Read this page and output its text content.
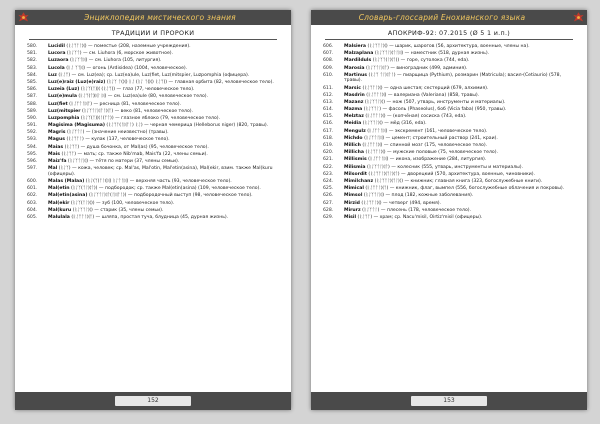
Энциклопедия мистического знания
ТРАДИЦИИ И ПРОРОКИ
580. Lucidil (ᚱᛇᛉᛏᛚᛞ) — поместье (208, наземные учреждения).
581. Lucora (ᚱᛇᛉᛏ) — см. Liuhora (6, морское животное).
582. Luzaora (ᚱᛇᛉᛏᛞ) — см. Liuhora (105, литургия).
583. Lucola (ᚱᛇ ᛉᛏᛞ) — огонь (Ardisidea) (1004, человеческое).
584. Luz (ᚱᛇᛉ) — см. Luz(ea); ср. Luz(ea)ule, Luz(fiet, Luz(mitspier, Luzpomphia (офицера).
585. Luz(e)raiz (Luz(e)raiz) (ᚱᛇᛉ ᛏ(ᛞ) ᚱᛇ (ᚱᛇ ᛏ(ᛞ) ᚱᛇᛉ)) — главная орбита (82, человеческое тело).
586. Luzeia (Luz) (ᚱᛇᛉ(ᛏ)ᛞ (ᚱᛇᛉ)) — глаз (77, человеческое тело).
587. Luz(e)mula (ᚱᛇᛉ(ᛏ)ᛞᛚ ᛞ) — см. Luz(ea)ule (80, человеческое тело).
588. Luz(fiet (ᚱᛇᛉᛏᛚᛞᛏ) — ресница (81, человеческое тело).
589. Luz(mitspier (ᚱᛇᛉᛏᛚᛞᛏᛚᛞᛏ) — веко (81, человеческое тело).
590. Luzpomphia (ᚱᛇᛉ(ᛏ)ᛞᛚ(ᛉᛏ)) — глазное яблоко (79, человеческое тело).
591. Magisima (Magisuma) (ᚱᛇᛉᛏ(ᛚᛞᛏᛚ) ᚱᛇ) — черная чемерица (Helleborus niger) (820, травы).
592. Magris (ᚱᛇᛉᛏᛚ) — (значение неизвестно) (травы).
593. Magus (ᚱᛇᛉᛏᛚ) — кулак (137, человеческое тело).
594. Maias (ᚱᛇᛉᛏ) — душа бочонка, от Mal(as) (95, человеческое тело).
595. Mais (ᚱᛇᛉᛏ) — мать; ср. также Nib'mab, Mais'fa (22, члены семьи).
596. Maiz'fa (ᚱᛇᛉᛏᛚᛞ) — тётя по матери (37, члены семьи).
597. Mal (ᚱᛇᛉ) — кожа, человек; ср. Mal'as, Mal'otin, Mal'etin(asina), Mal(ekir, взим. также Mal(kuru (офицеры).
600. Malas (Malaa) (ᚱᛇ(ᛉ)ᛏᛚ(ᛞ) ᚱᛇᛏᛚᛞ) — верхняя часть (93, человеческое тело).
601. Mal(etin (ᚱᛇᛉ(ᛏᛚᛞᛏ)) — подбородок; ср. также Mal(etin(asina) (109, человеческое тело).
602. Mal(etin(asina) (ᚱᛇᛉᛏᛚᛞᛏ(ᛚᛞᛏᛚ)) — подбородочный выступ (98, человеческое тело).
603. Mal(ekir (ᚱᛇᛉ(ᛏᛚᛞ)) — зуб (100, человеческое тело).
604. Mal(kuru (ᚱᛇᛉᛏᛚᛞ) — старик (35, члены семьи).
605. Malulala (ᚱᛇᛉᛏᛚᛞᛏ) — шляпа, простая туча, блудница (45, дурная жизнь).
152
Словарь-глоссарий Енохианского языка
АПОКРИФ-92: 07.2015 (Ø 5 1 и.п.)
606. Malsiera (ᚱᛇᛉᛏᛚᛞ) — шарик, шарогов (56, архитектура, военные, члены на).
607. Malzaplana (ᚱᛇᛉᛏᛚᛞᛏᛚᛞ) — наместник (518, дурная жизнь).
608. Mardilduls (ᚱᛇᛉᛏ(ᛚᛞᛏ)) — горе, сутолока (744, eda).
609. Marosia (ᚱᛇᛉᛏᛚᛞᛏ) — виноградник (499, админия).
610. Martinus (ᚱᛇᛉ ᛏᛚᛞᛏᛚ) — пиарщица (Pythium), розмарин (Matricula); васил-(Cetiaurio) (578, травы).
611. Marsic (ᚱᛇᛉᛏᛚᛞ) — одна шестая; сестерций (679, алхимия).
612. Masdrin (ᚱᛇᛉᛏᛚᛞ) — валериана (Valeriana) (858, травы).
613. Mazanz (ᚱᛇᛉᛏᛚᛞ) — нож (507, утварь, инструменты и материалы).
614. Mazma (ᚱᛇᛉᛏᛚ) — фасоль (Phaseolus), боб (Vicia faba) (950, травы).
615. Melztaz (ᚱᛇᛉᛏᛚᛞ) — (копчёная) сосиска (743, eda).
616. Meidia (ᚱᛇᛉᛏᛚᛞ) — мёд (316, eda).
617. Mengulz (ᚱᛇᛉᛏᛚᛞ) — экскремент (161, человеческое тело).
618. Michdo (ᚱᛇᛉᛏᛚᛞ) — цемент; строительный раствор (241, краи).
619. Millich (ᚱᛇᛉᛏᛚᛞ) — спинной мозг (175, человеческое тело).
620. Millicha (ᚱᛇᛉᛏᛚᛞ) — мужские половые (75, человеческое тело).
621. Millismis (ᚱᛇᛉᛏᛚᛞ) — икона, изображение (284, литургия).
622. Milismia (ᚱᛇᛉᛏᛚᛞᛏ) — колесник (555, утварь, инструменты и материалы).
623. Milsordit (ᚱᛇᛉᛏᛚᛞᛏᛚᛞᛏ) — дворецкий (570, архитектура, военные, чиновники).
624. Mimilchanz (ᚱᛇᛉᛏᛚᛞᛏᛚᛞ) — книжник; главная книга (323, богослужебные книги).
625. Mimical (ᚱᛇᛉᛏᛚᛞᛏ) — книжник, флаг, вымпел (556, богослужебные облачения и покровы).
626. Mimsol (ᚱᛇᛉᛏᛚᛞ) — плод (182, кожные заболевания).
627. Mirzid (ᚱᛇᛉᛏᛚᛞ) — четверг (494, время).
628. Mirurz (ᚱᛇᛉᛏᛚ) — плесень (178, человеческое тело).
629. Misil (ᚱᛇᛉᛏ) — храм; ср. Nacu'misil, Oirtiz'misil (офицеры).
153
